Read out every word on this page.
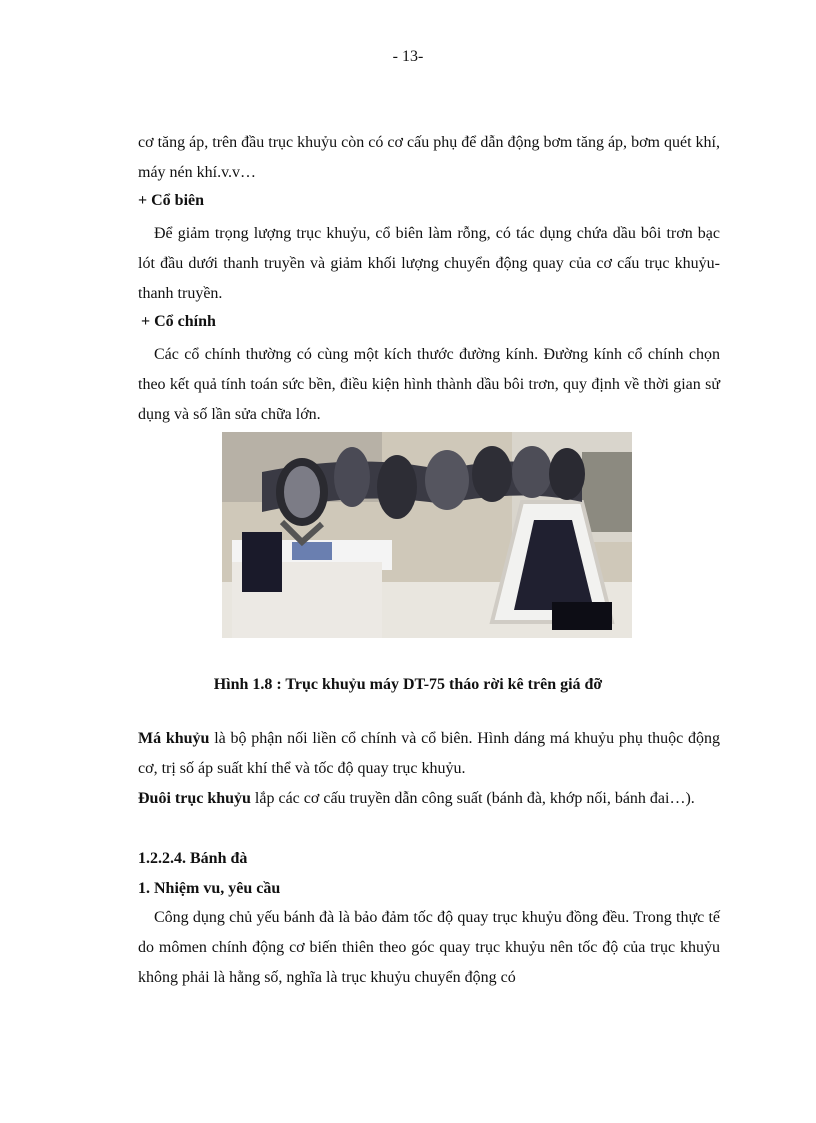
- 13-

cơ tăng áp, trên đầu trục khuỷu còn có cơ cấu phụ để dẫn động bơm tăng áp, bơm quét khí, máy nén khí.v.v…

+ Cổ biên

Để giảm trọng lượng trục khuỷu, cổ biên làm rỗng, có tác dụng chứa dầu bôi trơn bạc lót đầu dưới thanh truyền và giảm khối lượng chuyển động quay của cơ cấu trục khuỷu-thanh truyền.

+ Cổ chính

Các cổ chính thường có cùng một kích thước đường kính. Đường kính cổ chính chọn theo kết quả tính toán sức bền, điều kiện hình thành dầu bôi trơn, quy định về thời gian sử dụng và số lần sửa chữa lớn.

Hình 1.8 : Trục khuỷu máy DT-75 tháo rời kê trên giá đỡ

Má khuỷu là bộ phận nối liền cổ chính và cổ biên. Hình dáng má khuỷu phụ thuộc động cơ, trị số áp suất khí thể và tốc độ quay trục khuỷu.

Đuôi trục khuỷu lắp các cơ cấu truyền dẫn công suất (bánh đà, khớp nối, bánh đai…).

1.2.2.4. Bánh đà
1. Nhiệm vu, yêu cầu

Công dụng chủ yếu bánh đà là bảo đảm tốc độ quay trục khuỷu đồng đều. Trong thực tế do mômen chính động cơ biến thiên theo góc quay trục khuỷu nên tốc độ của trục khuỷu không phải là hằng số, nghĩa là trục khuỷu chuyển động có
